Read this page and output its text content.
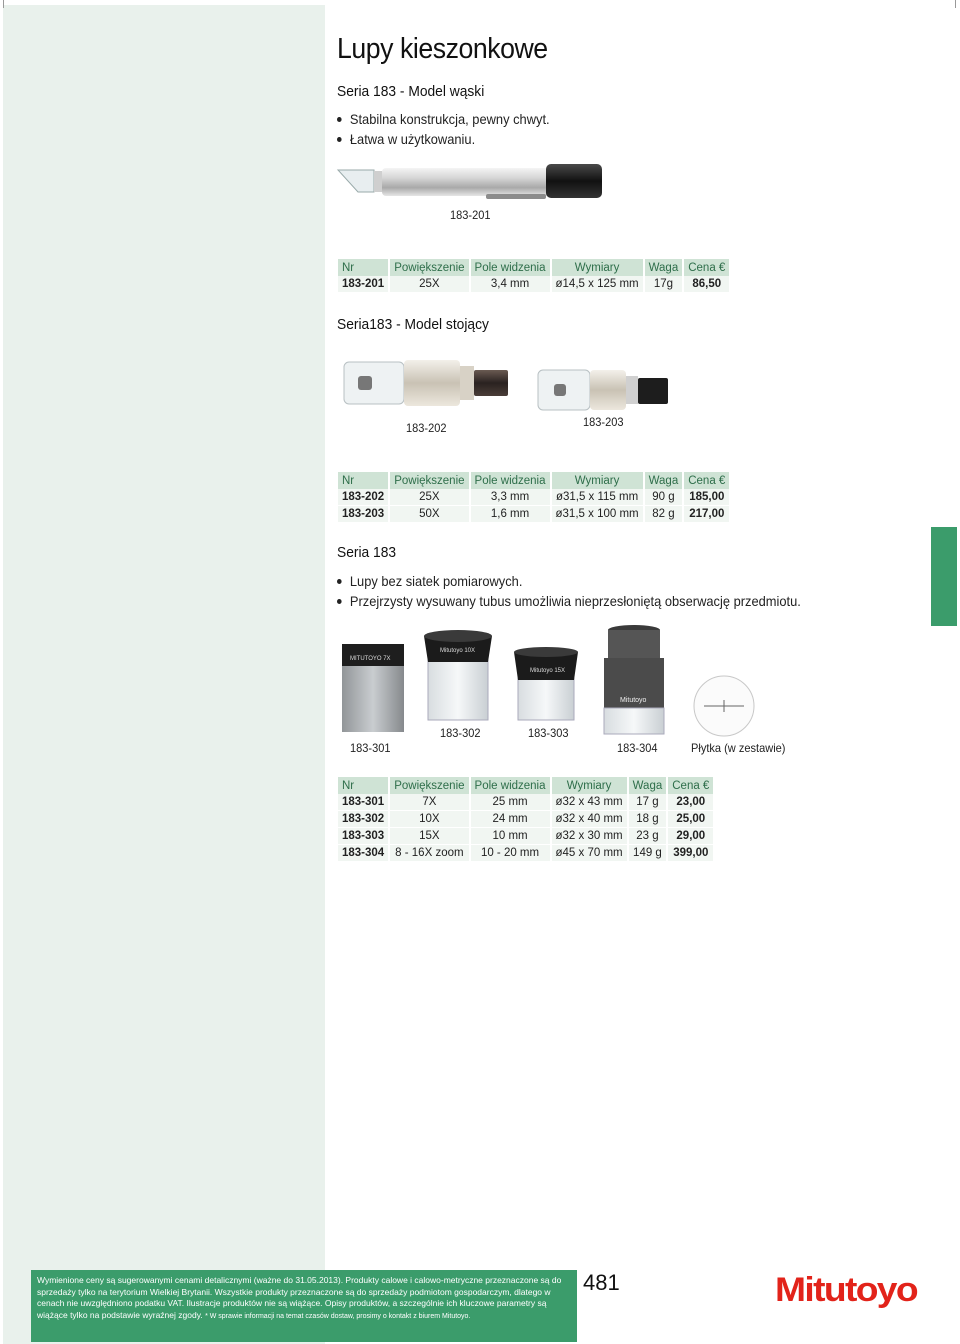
Lupy kieszonkowe
Seria 183 - Model wąski
Stabilna konstrukcja, pewny chwyt.
Łatwa w użytkowaniu.
183-201
Nr	Powiększenie	Pole widzenia	Wymiary	Waga	Cena €
183-201	25X	3,4 mm	ø14,5 x 125 mm	17g	86,50
Seria183 - Model stojący
183-202	183-203
Nr	Powiększenie	Pole widzenia	Wymiary	Waga	Cena €
183-202	25X	3,3 mm	ø31,5 x 115 mm	90 g	185,00
183-203	50X	1,6 mm	ø31,5 x 100 mm	82 g	217,00
Seria 183
Lupy bez siatek pomiarowych.
Przejrzysty wysuwany tubus umożliwia nieprzesłoniętą obserwację przedmiotu.
MITUTOYO 7X
Mitutoyo 10X
Mitutoyo 15X
Mitutoyo
183-301
183-302	183-303
183-304	Płytka (w zestawie)
Nr	Powiększenie	Pole widzenia	Wymiary	Waga	Cena €
183-301	7X	25 mm	ø32 x 43 mm	17 g	23,00
183-302	10X	24 mm	ø32 x 40 mm	18 g	25,00
183-303	15X	10 mm	ø32 x 30 mm	23 g	29,00
183-304	8 - 16X zoom	10 - 20 mm	ø45 x 70 mm	149 g	399,00
Wymienione ceny są sugerowanymi cenami detalicznymi (ważne do 31.05.2013). Produkty calowe i calowo-metryczne przeznaczone są do sprzedaży tylko na terytorium Wielkiej Brytanii. Wszystkie produkty przeznaczone są do sprzedaży podmiotom gospodarczym, dlatego w cenach nie uwzględniono podatku VAT. Ilustracje produktów nie są wiążące. Opisy produktów, a szczególnie ich kluczowe parametry są wiążące tylko na podstawie wyraźnej zgody. * W sprawie informacji na temat czasów dostaw, prosimy o kontakt z biurem Mitutoyo.
481	Mitutoyo
